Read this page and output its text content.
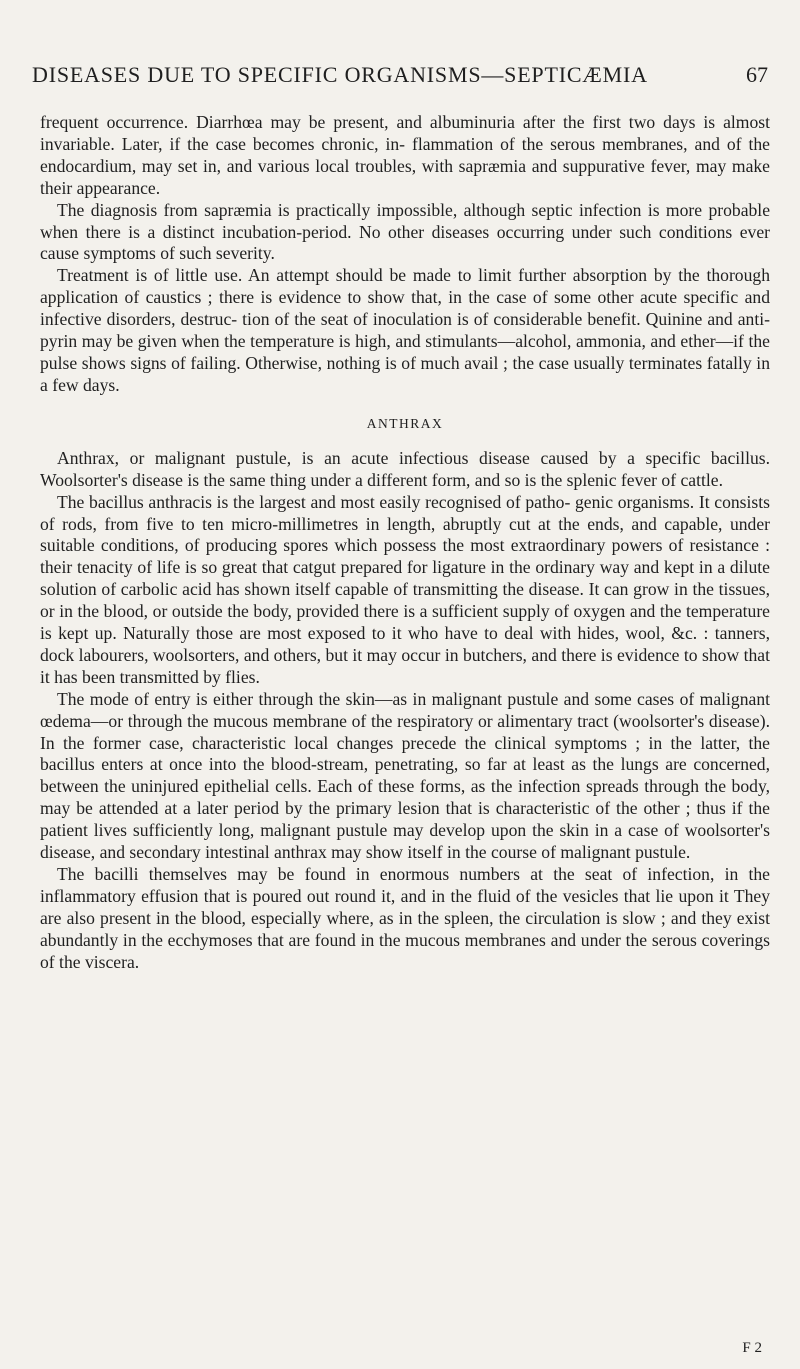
DISEASES DUE TO SPECIFIC ORGANISMS—SEPTICÆMIA	67

frequent occurrence. Diarrhœa may be present, and albuminuria after the first two days is almost invariable. Later, if the case becomes chronic, in- flammation of the serous membranes, and of the endocardium, may set in, and various local troubles, with sapræmia and suppurative fever, may make their appearance.

The diagnosis from sapræmia is practically impossible, although septic infection is more probable when there is a distinct incubation-period. No other diseases occurring under such conditions ever cause symptoms of such severity.

Treatment is of little use. An attempt should be made to limit further absorption by the thorough application of caustics ; there is evidence to show that, in the case of some other acute specific and infective disorders, destruc- tion of the seat of inoculation is of considerable benefit. Quinine and anti- pyrin may be given when the temperature is high, and stimulants—alcohol, ammonia, and ether—if the pulse shows signs of failing. Otherwise, nothing is of much avail ; the case usually terminates fatally in a few days.

ANTHRAX

Anthrax, or malignant pustule, is an acute infectious disease caused by a specific bacillus. Woolsorter's disease is the same thing under a different form, and so is the splenic fever of cattle.

The bacillus anthracis is the largest and most easily recognised of patho- genic organisms. It consists of rods, from five to ten micro-millimetres in length, abruptly cut at the ends, and capable, under suitable conditions, of producing spores which possess the most extraordinary powers of resistance : their tenacity of life is so great that catgut prepared for ligature in the ordinary way and kept in a dilute solution of carbolic acid has shown itself capable of transmitting the disease. It can grow in the tissues, or in the blood, or outside the body, provided there is a sufficient supply of oxygen and the temperature is kept up. Naturally those are most exposed to it who have to deal with hides, wool, &c. : tanners, dock labourers, woolsorters, and others, but it may occur in butchers, and there is evidence to show that it has been transmitted by flies.

The mode of entry is either through the skin—as in malignant pustule and some cases of malignant œdema—or through the mucous membrane of the respiratory or alimentary tract (woolsorter's disease). In the former case, characteristic local changes precede the clinical symptoms ; in the latter, the bacillus enters at once into the blood-stream, penetrating, so far at least as the lungs are concerned, between the uninjured epithelial cells. Each of these forms, as the infection spreads through the body, may be attended at a later period by the primary lesion that is characteristic of the other ; thus if the patient lives sufficiently long, malignant pustule may develop upon the skin in a case of woolsorter's disease, and secondary intestinal anthrax may show itself in the course of malignant pustule.

The bacilli themselves may be found in enormous numbers at the seat of infection, in the inflammatory effusion that is poured out round it, and in the fluid of the vesicles that lie upon it They are also present in the blood, especially where, as in the spleen, the circulation is slow ; and they exist abundantly in the ecchymoses that are found in the mucous membranes and under the serous coverings of the viscera.

F 2
